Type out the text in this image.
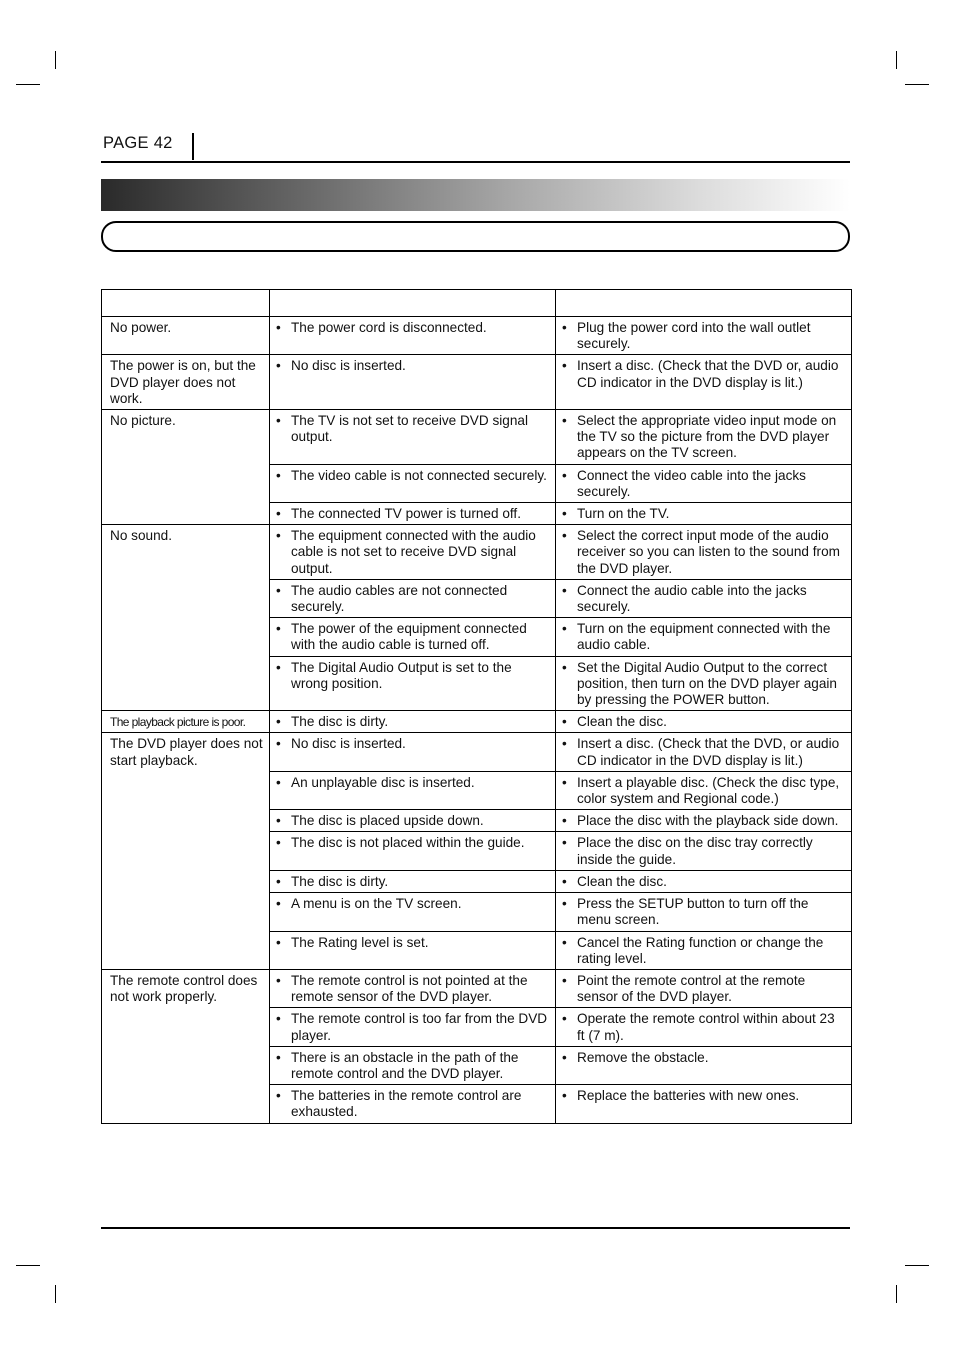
PAGE 42

No power.	• The power cord is disconnected.	• Plug the power cord into the wall outlet securely.

The power is on, but the DVD player does not work.	• No disc is inserted.	• Insert a disc. (Check that the DVD or, audio CD indicator in the DVD display is lit.)

No picture.	• The TV is not set to receive DVD signal output.	• Select the appropriate video input mode on the TV so the picture from the DVD player appears on the TV screen.

	• The video cable is not connected securely.	• Connect the video cable into the jacks securely.

	• The connected TV power is turned off.	• Turn on the TV.

No sound.	• The equipment connected with the audio cable is not set to receive DVD signal output.	• Select the correct input mode of the audio receiver so you can listen to the sound from the DVD player.

	• The audio cables are not connected securely.	• Connect the audio cable into the jacks securely.

	• The power of the equipment connected with the audio cable is turned off.	• Turn on the equipment connected with the audio cable.

	• The Digital Audio Output is set to the wrong position.	• Set the Digital Audio Output to the correct position, then turn on the DVD player again by pressing the POWER button.

The playback picture is poor.	• The disc is dirty.	• Clean the disc.

The DVD player does not start playback.	• No disc is inserted.	• Insert a disc. (Check that the DVD, or audio CD indicator in the DVD display is lit.)

	• An unplayable disc is inserted.	• Insert a playable disc. (Check the disc type, color system and Regional code.)

	• The disc is placed upside down.	• Place the disc with the playback side down.

	• The disc is not placed within the guide.	• Place the disc on the disc tray correctly inside the guide.

	• The disc is dirty.	• Clean the disc.

	• A menu is on the TV screen.	• Press the SETUP button to turn off the menu screen.

	• The Rating level is set.	• Cancel the Rating function or change the rating level.

The remote control does not work properly.	• The remote control is not pointed at the remote sensor of the DVD player.	• Point the remote control at the remote sensor of the DVD player.

	• The remote control is too far from the DVD player.	• Operate the remote control within about 23 ft (7 m).

	• There is an obstacle in the path of the remote control and the DVD player.	• Remove the obstacle.

	• The batteries in the remote control are exhausted.	• Replace the batteries with new ones.
